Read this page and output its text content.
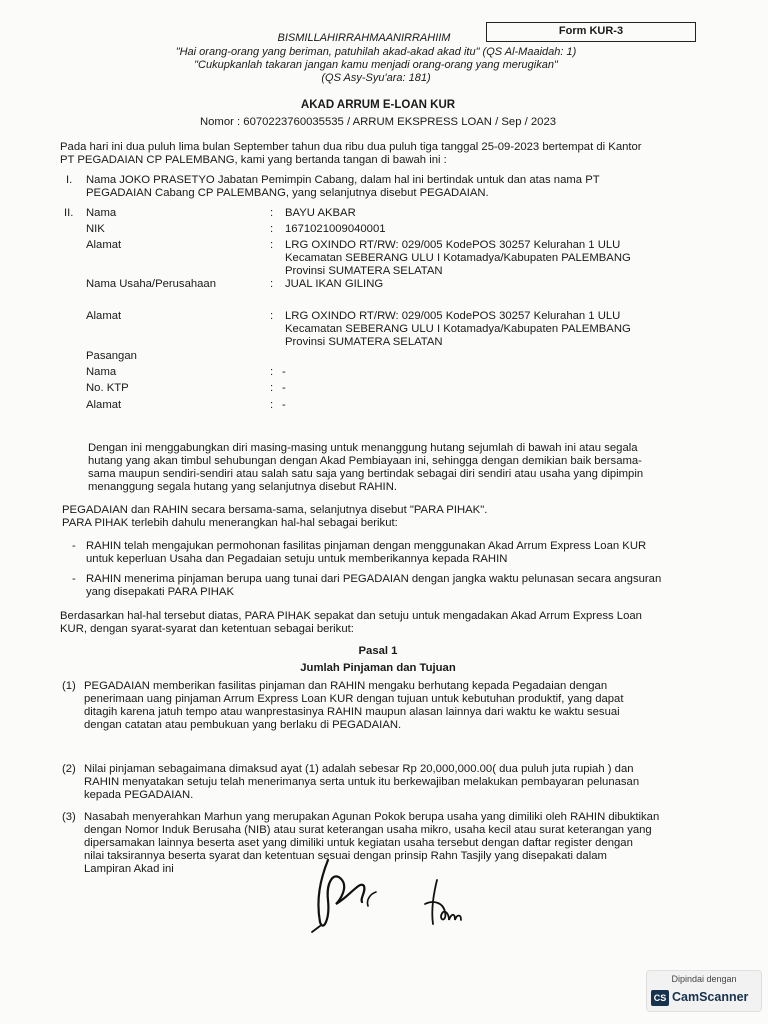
Form KUR-3
BISMILLAHIRRAHMAANIRRAHIIM
"Hai orang-orang yang beriman, patuhilah akad-akad akad itu" (QS Al-Maaidah: 1)
"Cukupkanlah takaran jangan kamu menjadi orang-orang yang merugikan"
(QS Asy-Syu'ara: 181)
AKAD ARRUM E-LOAN KUR
Nomor : 6070223760035535 / ARRUM EKSPRESS LOAN / Sep / 2023
Pada hari ini dua puluh lima bulan September tahun dua ribu dua puluh tiga tanggal 25-09-2023 bertempat di Kantor
PT PEGADAIAN CP PALEMBANG, kami yang bertanda tangan di bawah ini :
I. Nama JOKO PRASETYO Jabatan Pemimpin Cabang, dalam hal ini bertindak untuk dan atas nama PT
PEGADAIAN Cabang CP PALEMBANG, yang selanjutnya disebut PEGADAIAN.
II. Nama	: BAYU AKBAR
NIK	: 1671021009040001
Alamat	: LRG OXINDO RT/RW: 029/005 KodePOS 30257 Kelurahan 1 ULU
Kecamatan SEBERANG ULU I Kotamadya/Kabupaten PALEMBANG
Provinsi SUMATERA SELATAN
Nama Usaha/Perusahaan	: JUAL IKAN GILING
Alamat	: LRG OXINDO RT/RW: 029/005 KodePOS 30257 Kelurahan 1 ULU
Kecamatan SEBERANG ULU I Kotamadya/Kabupaten PALEMBANG
Provinsi SUMATERA SELATAN
Pasangan
Nama	: -
No. KTP	: -
Alamat	: -
Dengan ini menggabungkan diri masing-masing untuk menanggung hutang sejumlah di bawah ini atau segala
hutang yang akan timbul sehubungan dengan Akad Pembiayaan ini, sehingga dengan demikian baik bersama-
sama maupun sendiri-sendiri atau salah satu saja yang bertindak sebagai diri sendiri atau usaha yang dipimpin
menanggung segala hutang yang selanjutnya disebut RAHIN.
PEGADAIAN dan RAHIN secara bersama-sama, selanjutnya disebut "PARA PIHAK".
PARA PIHAK terlebih dahulu menerangkan hal-hal sebagai berikut:
- RAHIN telah mengajukan permohonan fasilitas pinjaman dengan menggunakan Akad Arrum Express Loan KUR
untuk keperluan Usaha dan Pegadaian setuju untuk memberikannya kepada RAHIN
- RAHIN menerima pinjaman berupa uang tunai dari PEGADAIAN dengan jangka waktu pelunasan secara angsuran
yang disepakati PARA PIHAK
Berdasarkan hal-hal tersebut diatas, PARA PIHAK sepakat dan setuju untuk mengadakan Akad Arrum Express Loan
KUR, dengan syarat-syarat dan ketentuan sebagai berikut:
Pasal 1
Jumlah Pinjaman dan Tujuan
(1) PEGADAIAN memberikan fasilitas pinjaman dan RAHIN mengaku berhutang kepada Pegadaian dengan
penerimaan uang pinjaman Arrum Express Loan KUR dengan tujuan untuk kebutuhan produktif, yang dapat
ditagih karena jatuh tempo atau wanprestasinya RAHIN maupun alasan lainnya dari waktu ke waktu sesuai
dengan catatan atau pembukuan yang berlaku di PEGADAIAN.
(2) Nilai pinjaman sebagaimana dimaksud ayat (1) adalah sebesar Rp 20,000,000.00( dua puluh juta rupiah ) dan
RAHIN menyatakan setuju telah menerimanya serta untuk itu berkewajiban melakukan pembayaran pelunasan
kepada PEGADAIAN.
(3) Nasabah menyerahkan Marhun yang merupakan Agunan Pokok berupa usaha yang dimiliki oleh RAHIN dibuktikan
dengan Nomor Induk Berusaha (NIB) atau surat keterangan usaha mikro, usaha kecil atau surat keterangan yang
dipersamakan lainnya beserta aset yang dimiliki untuk kegiatan usaha tersebut dengan daftar register dengan
nilai taksirannya beserta syarat dan ketentuan sesuai dengan prinsip Rahn Tasjily yang disepakati dalam
Lampiran Akad ini
Dipindai dengan
CS CamScanner
